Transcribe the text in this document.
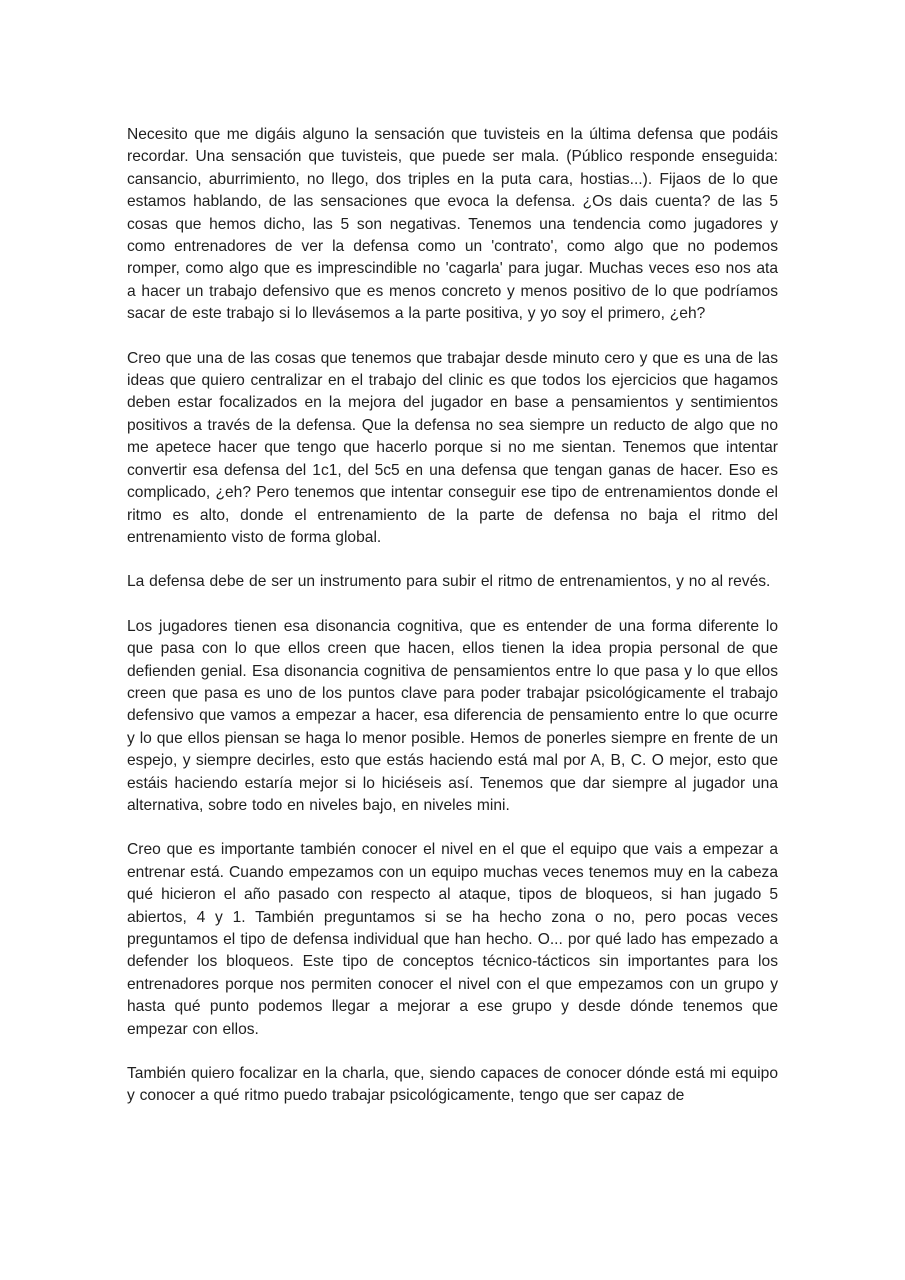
Necesito que me digáis alguno la sensación que tuvisteis en la última defensa que podáis recordar. Una sensación que tuvisteis, que puede ser mala. (Público responde enseguida: cansancio, aburrimiento, no llego, dos triples en la puta cara, hostias...). Fijaos de lo que estamos hablando, de las sensaciones que evoca la defensa. ¿Os dais cuenta? de las 5 cosas que hemos dicho, las 5 son negativas. Tenemos una tendencia como jugadores y como entrenadores de ver la defensa como un 'contrato', como algo que no podemos romper, como algo que es imprescindible no 'cagarla' para jugar. Muchas veces eso nos ata a hacer un trabajo defensivo que es menos concreto y menos positivo de lo que podríamos sacar de este trabajo si lo llevásemos a la parte positiva, y yo soy el primero, ¿eh?

Creo que una de las cosas que tenemos que trabajar desde minuto cero y que es una de las ideas que quiero centralizar en el trabajo del clinic es que todos los ejercicios que hagamos deben estar focalizados en la mejora del jugador en base a pensamientos y sentimientos positivos a través de la defensa. Que la defensa no sea siempre un reducto de algo que no me apetece hacer que tengo que hacerlo porque si no me sientan. Tenemos que intentar convertir esa defensa del 1c1, del 5c5 en una defensa que tengan ganas de hacer. Eso es complicado, ¿eh? Pero tenemos que intentar conseguir ese tipo de entrenamientos donde el ritmo es alto, donde el entrenamiento de la parte de defensa no baja el ritmo del entrenamiento visto de forma global.

La defensa debe de ser un instrumento para subir el ritmo de entrenamientos, y no al revés.

Los jugadores tienen esa disonancia cognitiva, que es entender de una forma diferente lo que pasa con lo que ellos creen que hacen, ellos tienen la idea propia personal de que defienden genial. Esa disonancia cognitiva de pensamientos entre lo que pasa y lo que ellos creen que pasa es uno de los puntos clave para poder trabajar psicológicamente el trabajo defensivo que vamos a empezar a hacer, esa diferencia de pensamiento entre lo que ocurre y lo que ellos piensan se haga lo menor posible. Hemos de ponerles siempre en frente de un espejo, y siempre decirles, esto que estás haciendo está mal por A, B, C. O mejor, esto que estáis haciendo estaría mejor si lo hiciéseis así. Tenemos que dar siempre al jugador una alternativa, sobre todo en niveles bajo, en niveles mini.

Creo que es importante también conocer el nivel en el que el equipo que vais a empezar a entrenar está. Cuando empezamos con un equipo muchas veces tenemos muy en la cabeza qué hicieron el año pasado con respecto al ataque, tipos de bloqueos, si han jugado 5 abiertos, 4 y 1. También preguntamos si se ha hecho zona o no, pero pocas veces preguntamos el tipo de defensa individual que han hecho. O... por qué lado has empezado a defender los bloqueos. Este tipo de conceptos técnico-tácticos sin importantes para los entrenadores porque nos permiten conocer el nivel con el que empezamos con un grupo y hasta qué punto podemos llegar a mejorar a ese grupo y desde dónde tenemos que empezar con ellos.

También quiero focalizar en la charla, que, siendo capaces de conocer dónde está mi equipo y conocer a qué ritmo puedo trabajar psicológicamente, tengo que ser capaz de
